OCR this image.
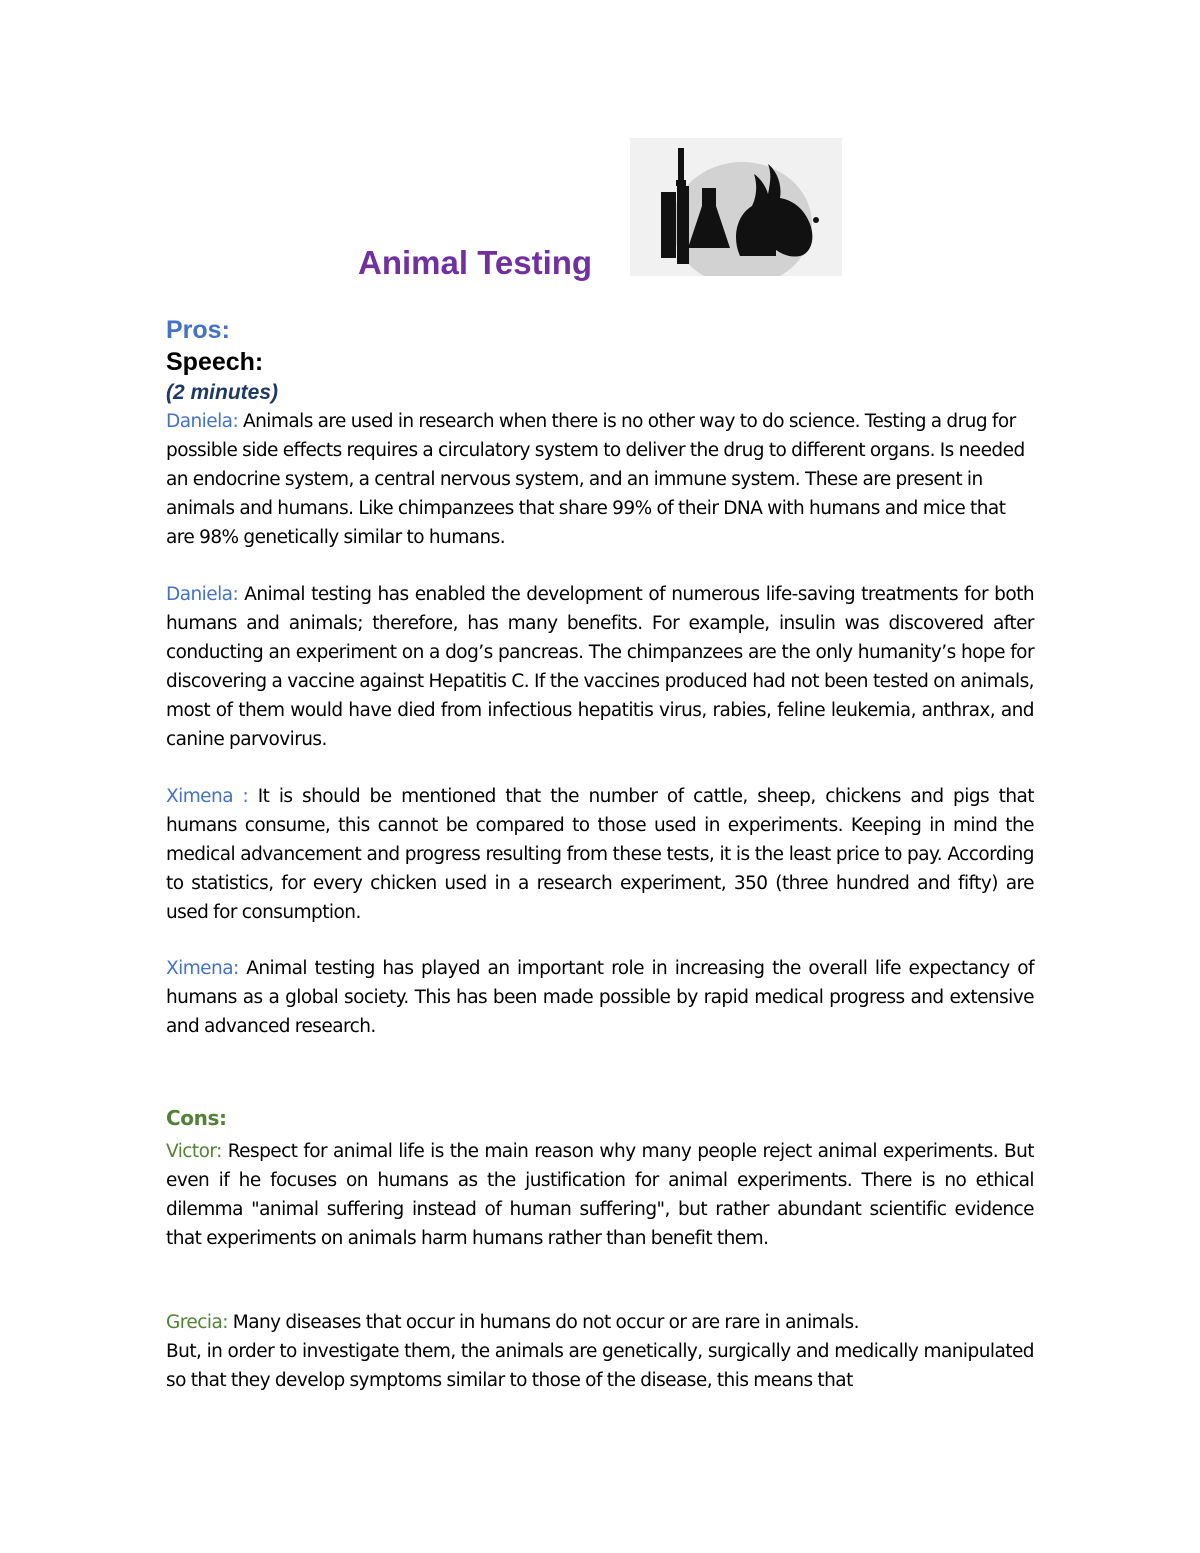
Animal Testing
Pros:
Speech:
(2 minutes)
Daniela: Animals are used in research when there is no other way to do science. Testing a drug for possible side effects requires a circulatory system to deliver the drug to different organs. Is needed an endocrine system, a central nervous system, and an immune system. These are present in animals and humans. Like chimpanzees that share 99% of their DNA with humans and mice that are 98% genetically similar to humans.
Daniela: Animal testing has enabled the development of numerous life-saving treatments for both humans and animals; therefore, has many benefits. For example, insulin was discovered after conducting an experiment on a dog’s pancreas. The chimpanzees are the only humanity’s hope for discovering a vaccine against Hepatitis C. If the vaccines produced had not been tested on animals, most of them would have died from infectious hepatitis virus, rabies, feline leukemia, anthrax, and canine parvovirus.
Ximena : It is should be mentioned that the number of cattle, sheep, chickens and pigs that humans consume, this cannot be compared to those used in experiments. Keeping in mind the medical advancement and progress resulting from these tests, it is the least price to pay. According to statistics, for every chicken used in a research experiment, 350 (three hundred and fifty) are used for consumption.
Ximena: Animal testing has played an important role in increasing the overall life expectancy of humans as a global society. This has been made possible by rapid medical progress and extensive and advanced research.
Cons:
Victor: Respect for animal life is the main reason why many people reject animal experiments. But even if he focuses on humans as the justification for animal experiments. There is no ethical dilemma "animal suffering instead of human suffering", but rather abundant scientific evidence that experiments on animals harm humans rather than benefit them.
Grecia: Many diseases that occur in humans do not occur or are rare in animals.
But, in order to investigate them, the animals are genetically, surgically and medically manipulated so that they develop symptoms similar to those of the disease, this means that
